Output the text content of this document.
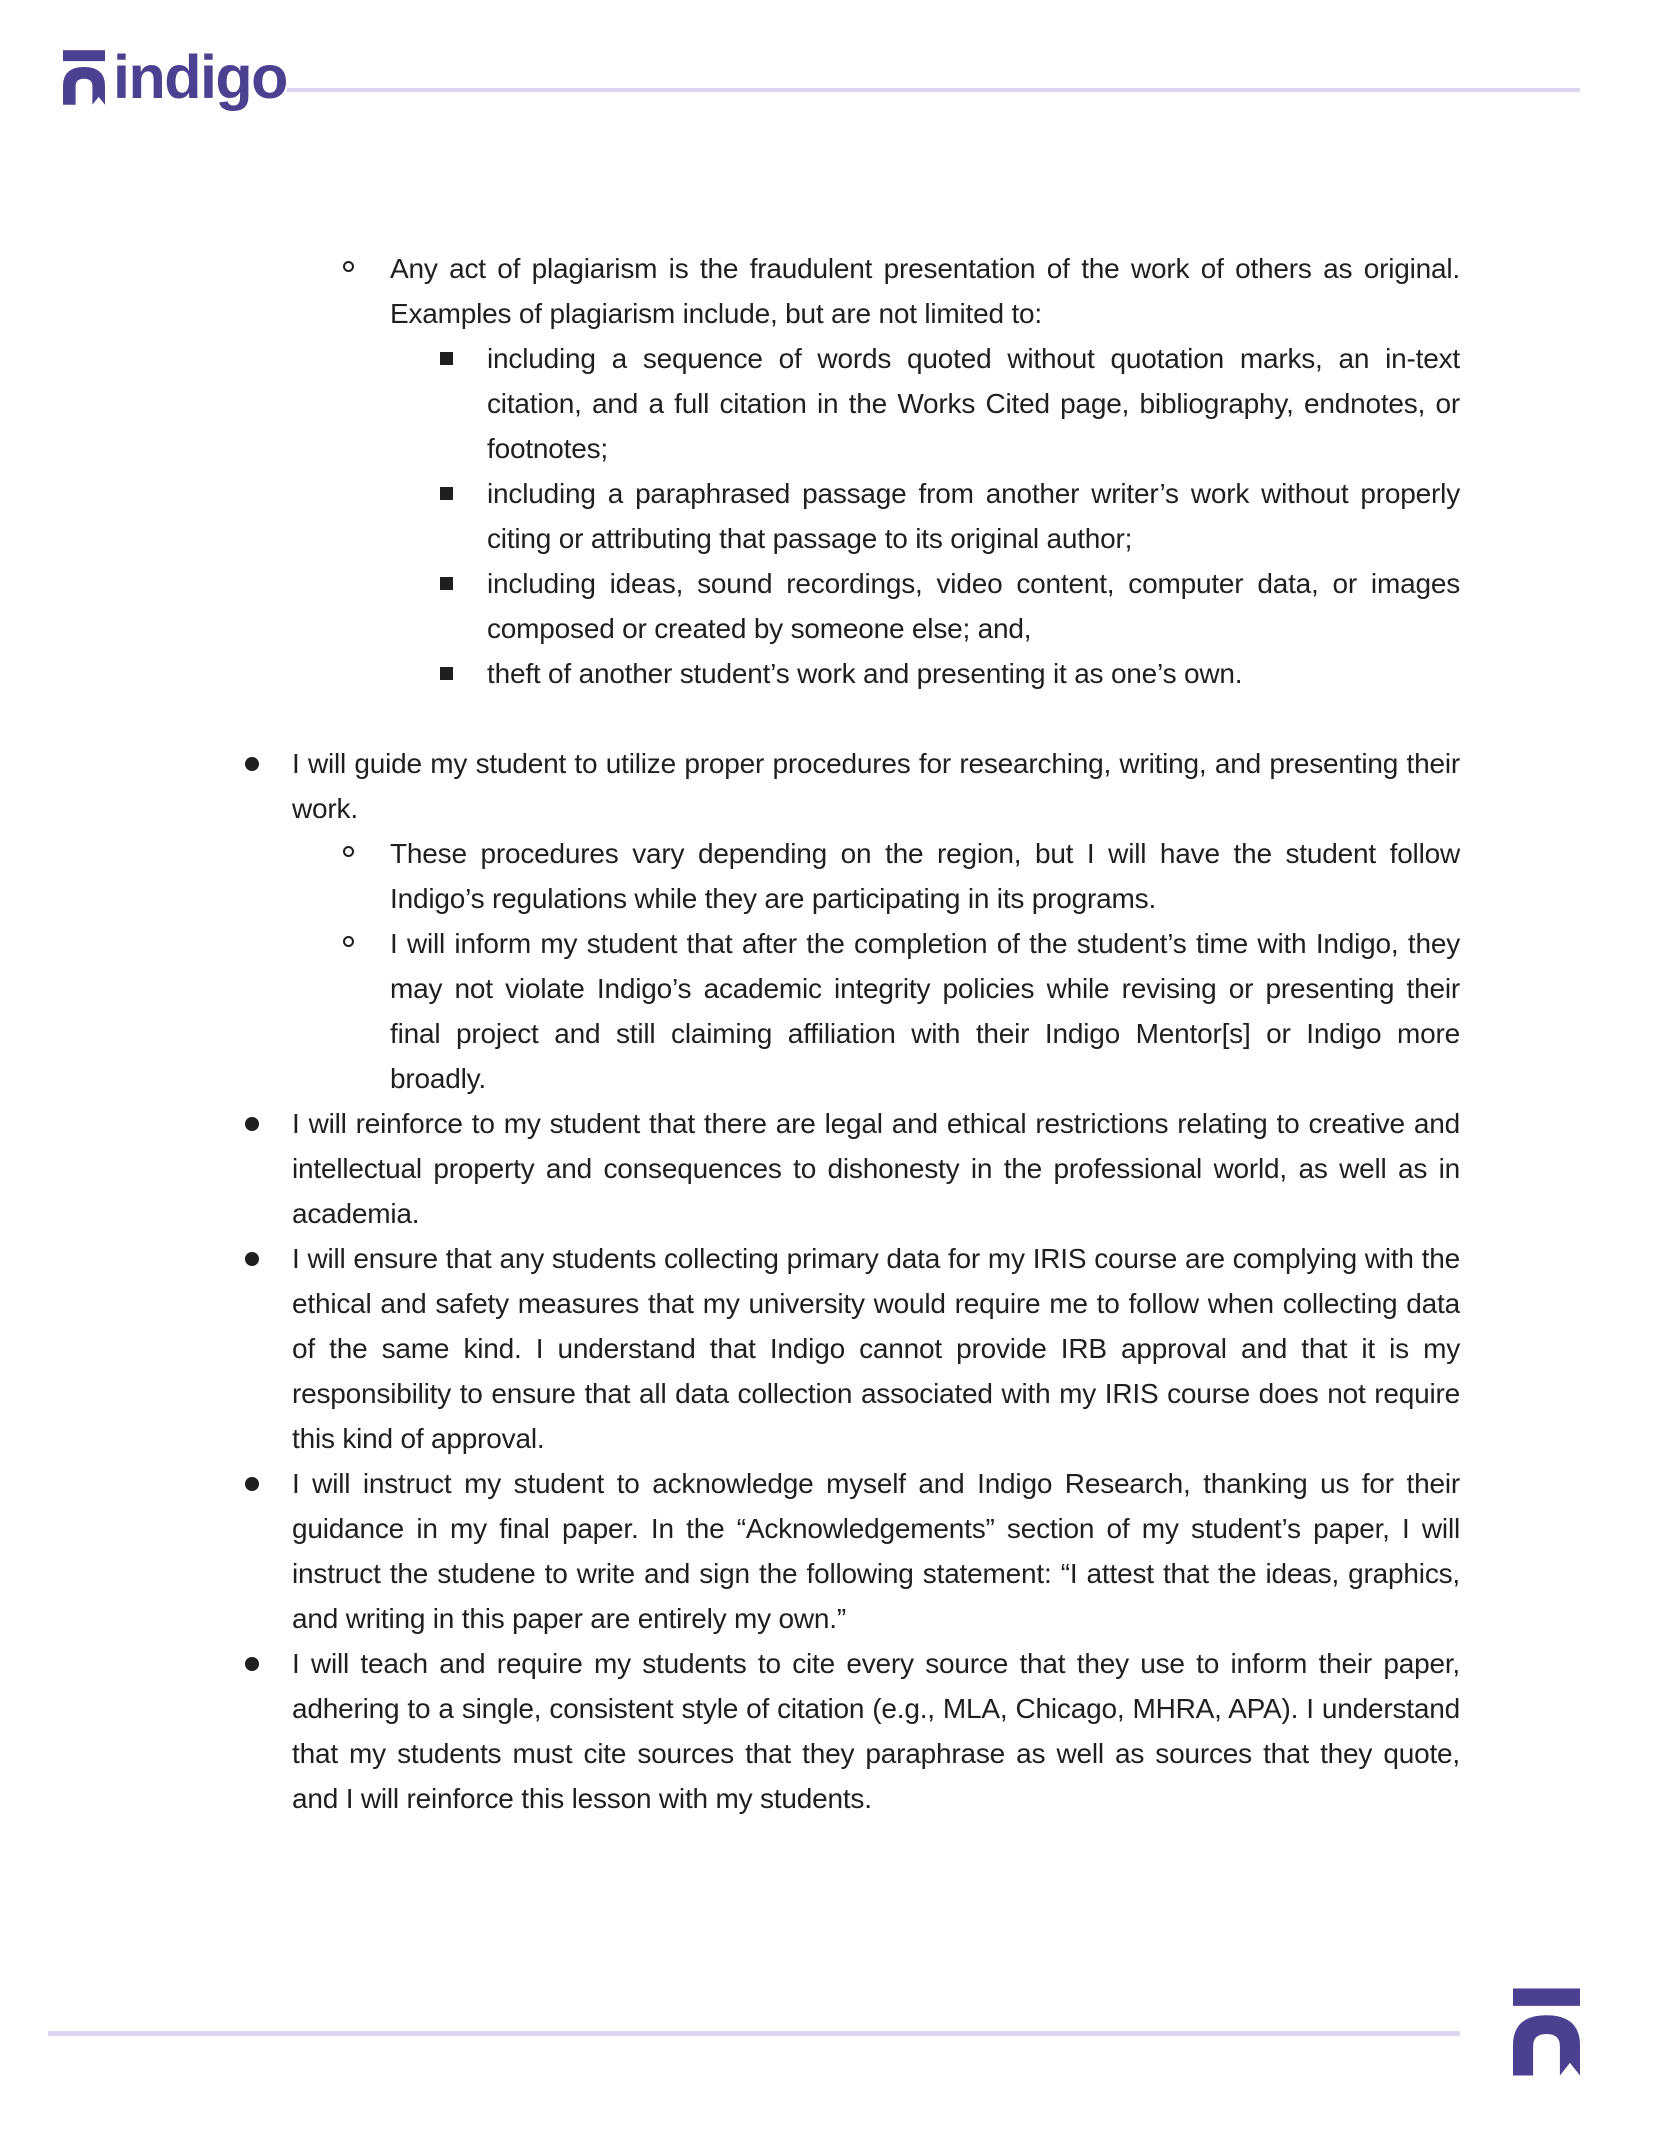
indigo
Any act of plagiarism is the fraudulent presentation of the work of others as original. Examples of plagiarism include, but are not limited to:
including a sequence of words quoted without quotation marks, an in-text citation, and a full citation in the Works Cited page, bibliography, endnotes, or footnotes;
including a paraphrased passage from another writer’s work without properly citing or attributing that passage to its original author;
including ideas, sound recordings, video content, computer data, or images composed or created by someone else; and,
theft of another student’s work and presenting it as one’s own.
I will guide my student to utilize proper procedures for researching, writing, and presenting their work.
These procedures vary depending on the region, but I will have the student follow Indigo’s regulations while they are participating in its programs.
I will inform my student that after the completion of the student’s time with Indigo, they may not violate Indigo’s academic integrity policies while revising or presenting their final project and still claiming affiliation with their Indigo Mentor[s] or Indigo more broadly.
I will reinforce to my student that there are legal and ethical restrictions relating to creative and intellectual property and consequences to dishonesty in the professional world, as well as in academia.
I will ensure that any students collecting primary data for my IRIS course are complying with the ethical and safety measures that my university would require me to follow when collecting data of the same kind. I understand that Indigo cannot provide IRB approval and that it is my responsibility to ensure that all data collection associated with my IRIS course does not require this kind of approval.
I will instruct my student to acknowledge myself and Indigo Research, thanking us for their guidance in my final paper. In the “Acknowledgements” section of my student’s paper, I will instruct the studene to write and sign the following statement: “I attest that the ideas, graphics, and writing in this paper are entirely my own.”
I will teach and require my students to cite every source that they use to inform their paper, adhering to a single, consistent style of citation (e.g., MLA, Chicago, MHRA, APA). I understand that my students must cite sources that they paraphrase as well as sources that they quote, and I will reinforce this lesson with my students.
